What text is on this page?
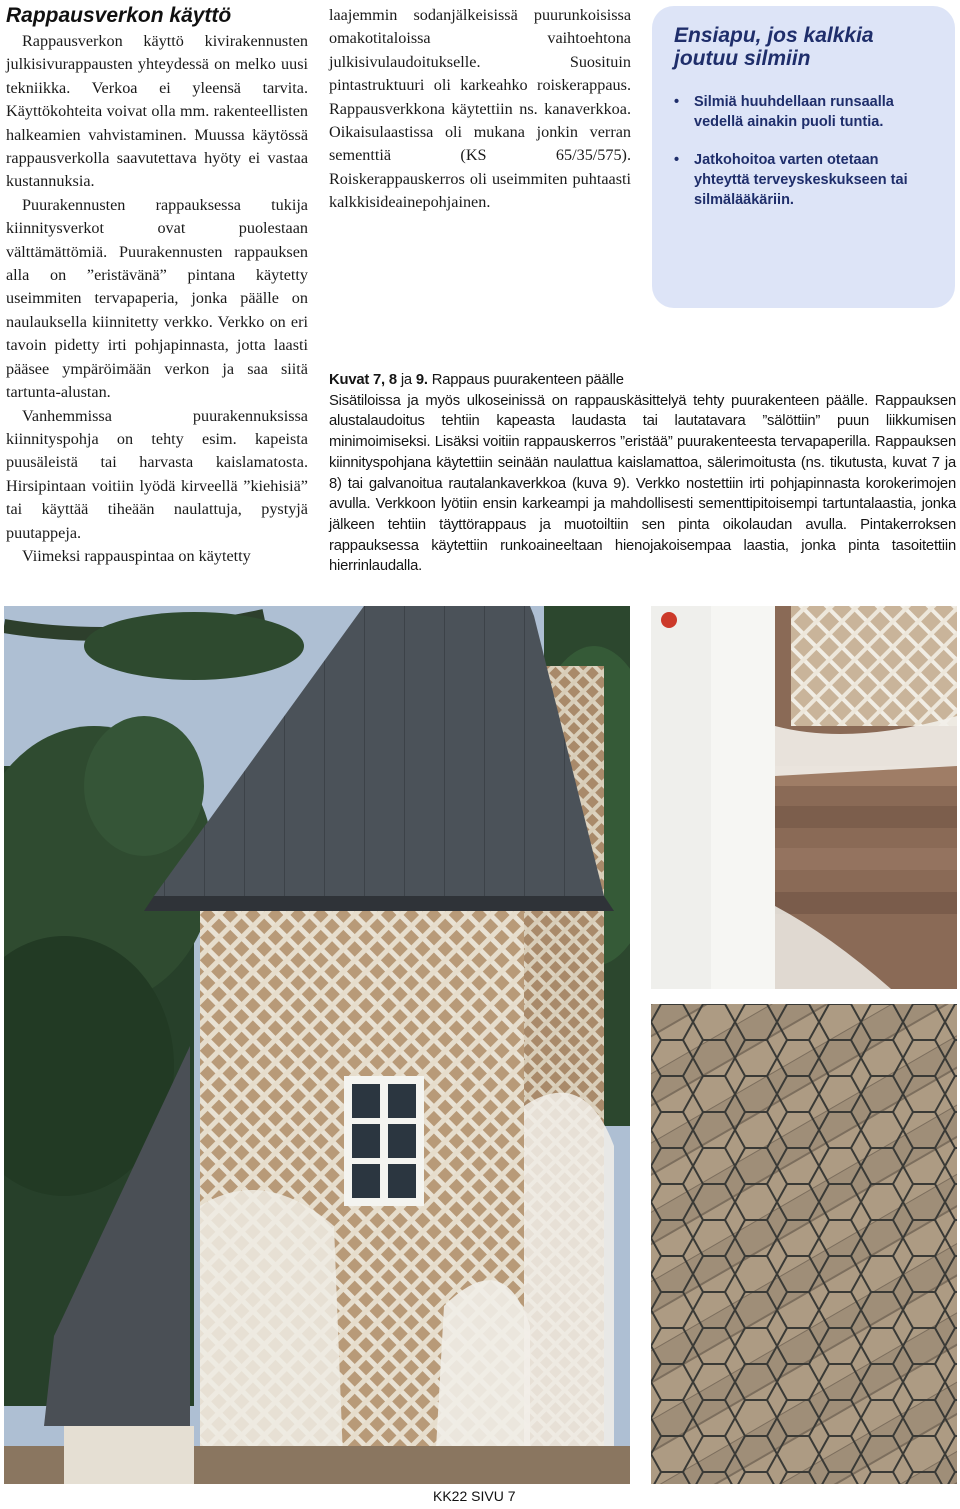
Rappausverkon käyttö

Rappausverkon käyttö kivirakennusten julkisivurappausten yhteydessä on melko uusi tekniikka. Verkoa ei yleensä tarvita. Käyttökohteita voivat olla mm. rakenteellisten halkeamien vahvistaminen. Muussa käytössä rappausverkolla saavutettava hyöty ei vastaa kustannuksia.

Puurakennusten rappauksessa tukija kiinnitysverkot ovat puolestaan välttämättömiä. Puurakennusten rappauksen alla on ”eristävänä” pintana käytetty useimmiten tervapaperia, jonka päälle on naulauksella kiinnitetty verkko. Verkko on eri tavoin pidetty irti pohjapinnasta, jotta laasti pääsee ympäröimään verkon ja saa siitä tartunta-alustan.

Vanhemmissa puurakennuksissa kiinnityspohja on tehty esim. kapeista puusäleistä tai harvasta kaislamatosta. Hirsipintaan voitiin lyödä kirveellä ”kiehisiä” tai käyttää tiheään naulattuja, pystyjä puutappeja.

Viimeksi rappauspintaa on käytetty

laajemmin sodanjälkeisissä puurunkoisissa omakotitaloissa vaihtoehtona julkisivulaudoitukselle. Suosituin pintastruktuuri oli karkeahko roiskerappaus. Rappausverkkona käytettiin ns. kanaverkkoa. Oikaisulaastissa oli mukana jonkin verran sementtiä (KS 65/35/575). Roiskerappauskerros oli useimmiten puhtaasti kalkkisideainepohjainen.

Ensiapu, jos kalkkia
joutuu silmiin
• Silmiä huuhdellaan runsaalla vedellä ainakin puoli tuntia.
• Jatkohoitoa varten otetaan yhteyttä terveyskeskukseen tai silmälääkäriin.
Kuvat 7, 8 ja 9. Rappaus puurakenteen päälle
Sisätiloissa ja myös ulkoseinissä on rappauskäsittelyä tehty puurakenteen päälle. Rappauksen alustalaudoitus tehtiin kapeasta laudasta tai lautatavara ”sälöttiin” puun liikkumisen minimoimiseksi. Lisäksi voitiin rappauskerros ”eristää” puurakenteesta tervapaperilla. Rappauksen kiinnityspohjana käytettiin seinään naulattua kaislamattoa, sälerimoitusta (ns. tikutusta, kuvat 7 ja 8) tai galvanoitua rautalankaverkkoa (kuva 9). Verkko nostettiin irti pohjapinnasta korokerimojen avulla. Verkkoon lyötiin ensin karkeampi ja mahdollisesti sementtipitoisempi tartuntalaastia, jonka jälkeen tehtiin täyttörappaus ja muotoiltiin sen pinta oikolaudan avulla. Pintakerroksen rappauksessa käytettiin runkoaineeltaan hienojakoisempaa laastia, jonka pinta tasoitettiin hierrinlaudalla.
KK22 SIVU 7
